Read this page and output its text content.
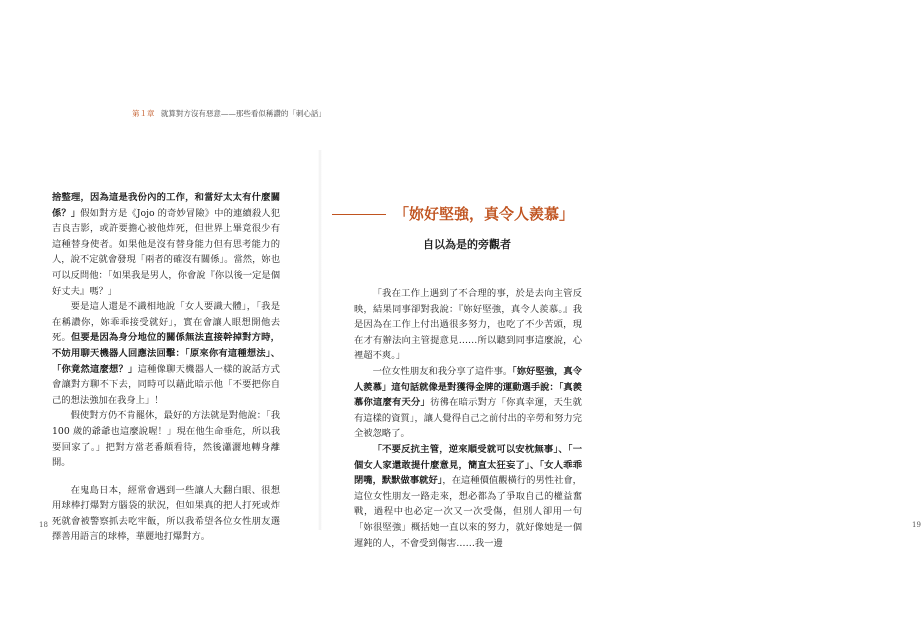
捨整理，因為這是我份內的工作，和當好太太有什麼關係？」假如對方是《Jojo 的奇妙冒險》中的連續殺人犯吉良吉影，或許要擔心被他炸死，但世界上畢竟很少有這種替身使者。如果他是沒有替身能力但有思考能力的人，說不定就會發現「兩者的確沒有關係」。當然，妳也可以反問他：「如果我是男人，你會說『你以後一定是個好丈夫』嗎？」

要是這人還是不識相地說「女人要識大體」，「我是在稱讚你，妳乖乖接受就好」，實在會讓人眼想開他去死。但要是因為身分地位的關係無法直接幹掉對方時，不妨用聊天機器人回應法回擊：「原來你有這種想法」、「你竟然這麼想？」這種像聊天機器人一樣的說話方式會讓對方聊不下去，同時可以藉此暗示他「不要把你自己的想法強加在我身上」！

假使對方仍不肯罷休，最好的方法就是對他說：「我 100 歲的爺爺也這麼說喔！」現在他生命垂危，所以我要回家了。」把對方當老番顛看待，然後瀟灑地轉身離開。

在鬼島日本，經常會遇到一些讓人大翻白眼、很想用球棒打爆對方腦袋的狀況，但如果真的把人打死或炸死就會被警察抓去吃牢飯，所以我希望各位女性朋友選擇善用語言的球棒，華麗地打爆對方。

18	19
第１章 就算對方沒有惡意——那些看似稱讚的「刺心話」
「妳好堅強，真令人羨慕」
自以為是的旁觀者

「我在工作上遇到了不合理的事，於是去向主管反映，結果同事卻對我說：『妳好堅強，真令人羨慕。』我是因為在工作上付出過很多努力，也吃了不少苦頭，現在才有辦法向主管提意見……所以聽到同事這麼說，心裡超不爽。」

一位女性朋友和我分享了這件事。「妳好堅強，真令人羨慕」這句話就像是對獲得金牌的運動選手說：「真羨慕你這麼有天分」彷彿在暗示對方「你真幸運，天生就有這樣的資質」，讓人覺得自己之前付出的辛勞和努力完全被忽略了。

「不要反抗主管，逆來順受就可以安枕無事」、「一個女人家還敢提什麼意見，簡直太狂妄了」、「女人乖乖閉嘴，默默做事就好」，在這種價值觀橫行的男性社會，這位女性朋友一路走來，想必都為了爭取自己的權益奮戰，過程中也必定一次又一次受傷，但別人卻用一句「妳很堅強」概括她一直以來的努力，就好像她是一個遲鈍的人，不會受到傷害……我一邊
